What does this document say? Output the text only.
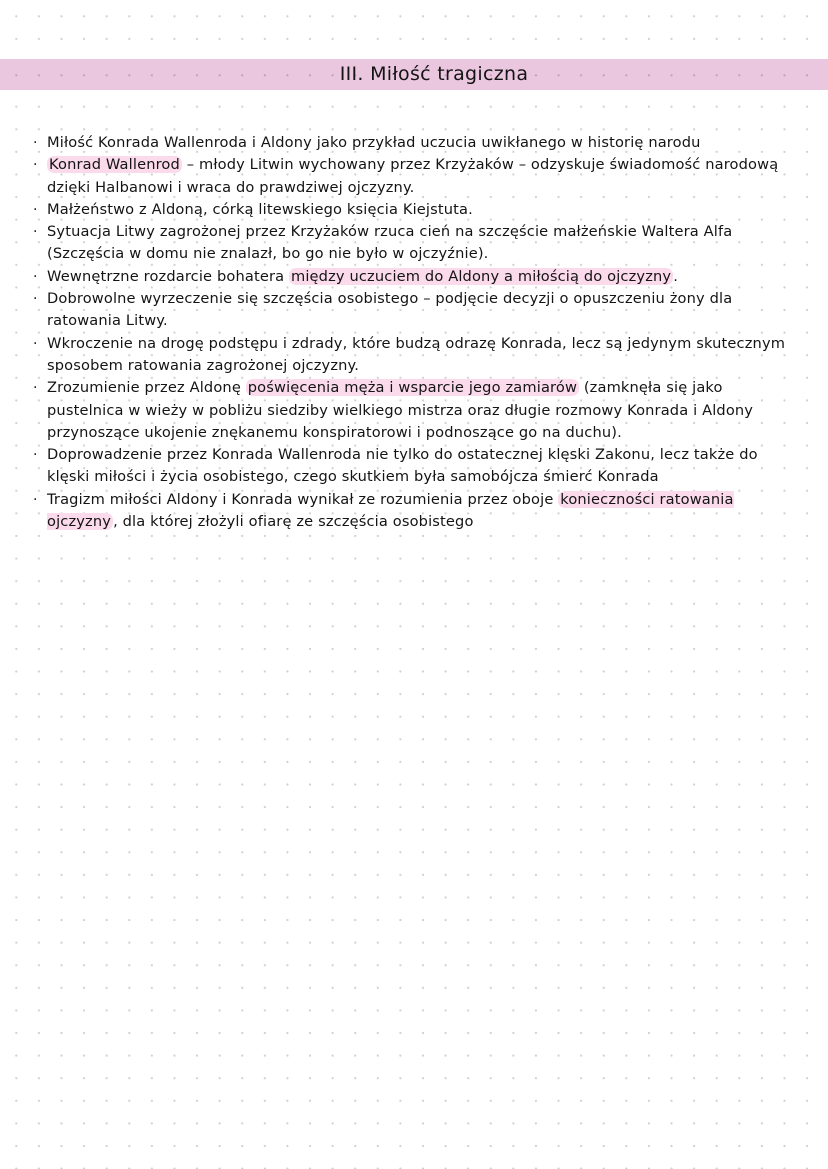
III. Miłość tragiczna
· Miłość Konrada Wallenroda i Aldony jako przykład uczucia uwikłanego w historię narodu
· Konrad Wallenrod – młody Litwin wychowany przez Krzyżaków – odzyskuje świadomość narodową dzięki Halbanowi i wraca do prawdziwej ojczyzny.
· Małżeństwo z Aldoną, córką litewskiego księcia Kiejstuta.
· Sytuacja Litwy zagrożonej przez Krzyżaków rzuca cień na szczęście małżeńskie Waltera Alfa (Szczęścia w domu nie znalazł, bo go nie było w ojczyźnie).
· Wewnętrzne rozdarcie bohatera między uczuciem do Aldony a miłością do ojczyzny .
· Dobrowolne wyrzeczenie się szczęścia osobistego – podjęcie decyzji o opuszczeniu żony dla ratowania Litwy.
· Wkroczenie na drogę podstępu i zdrady, które budzą odrazę Konrada, lecz są jedynym skutecznym sposobem ratowania zagrożonej ojczyzny.
· Zrozumienie przez Aldonę poświęcenia męża i wsparcie jego zamiarów (zamknęła się jako pustelnica w wieży w pobliżu siedziby wielkiego mistrza oraz długie rozmowy Konrada i Aldony przynoszące ukojenie znękanemu konspiratorowi i podnoszące go na duchu).
· Doprowadzenie przez Konrada Wallenroda nie tylko do ostatecznej klęski Zakonu, lecz także do klęski miłości i życia osobistego, czego skutkiem była samobójcza śmierć Konrada
· Tragizm miłości Aldony i Konrada wynikał ze rozumienia przez oboje konieczności ratowania ojczyzny , dla której złożyli ofiarę ze szczęścia osobistego
